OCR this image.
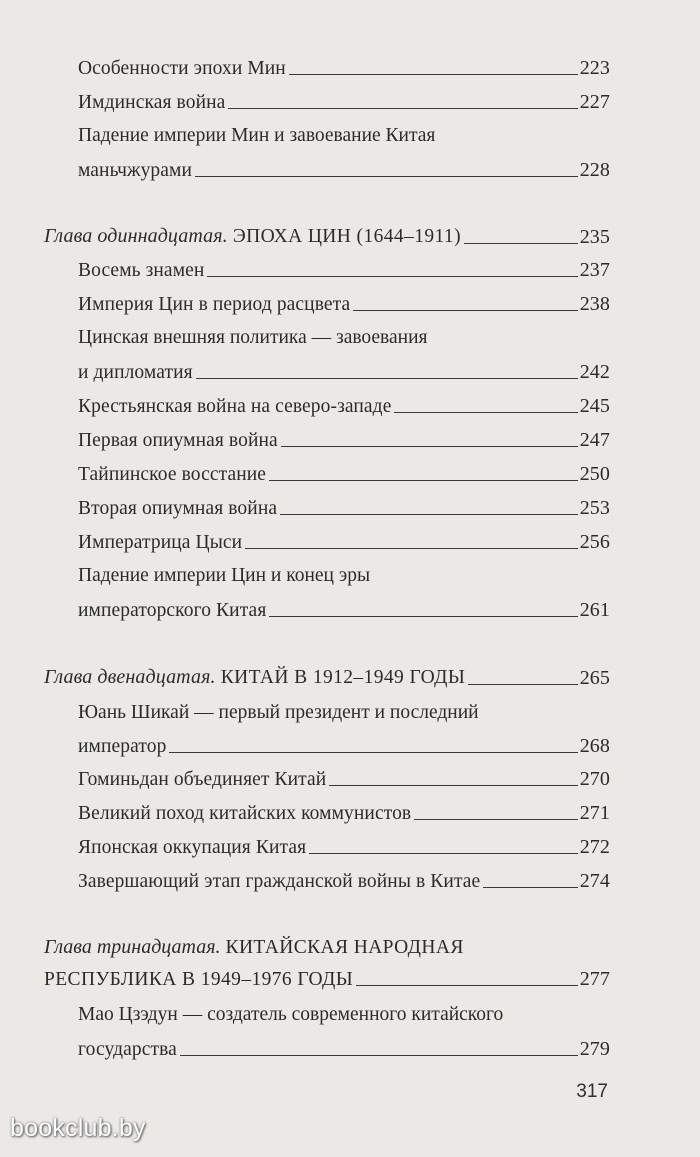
Особенности эпохи Мин	223
Имдинская война	227
Падение империи Мин и завоевание Китая
маньчжурами	228
Глава одиннадцатая. ЭПОХА ЦИН (1644–1911)	235
Восемь знамен	237
Империя Цин в период расцвета	238
Цинская внешняя политика — завоевания
и дипломатия	242
Крестьянская война на северо-западе	245
Первая опиумная война	247
Тайпинское восстание	250
Вторая опиумная война	253
Императрица Цыси	256
Падение империи Цин и конец эры
императорского Китая	261
Глава двенадцатая. КИТАЙ В 1912–1949 ГОДЫ	265
Юань Шикай — первый президент и последний
император	268
Гоминьдан объединяет Китай	270
Великий поход китайских коммунистов	271
Японская оккупация Китая	272
Завершающий этап гражданской войны в Китае	274
Глава тринадцатая. КИТАЙСКАЯ НАРОДНАЯ
РЕСПУБЛИКА В 1949–1976 ГОДЫ	277
Мао Цзэдун — создатель современного китайского
государства	279
317
bookclub.by
